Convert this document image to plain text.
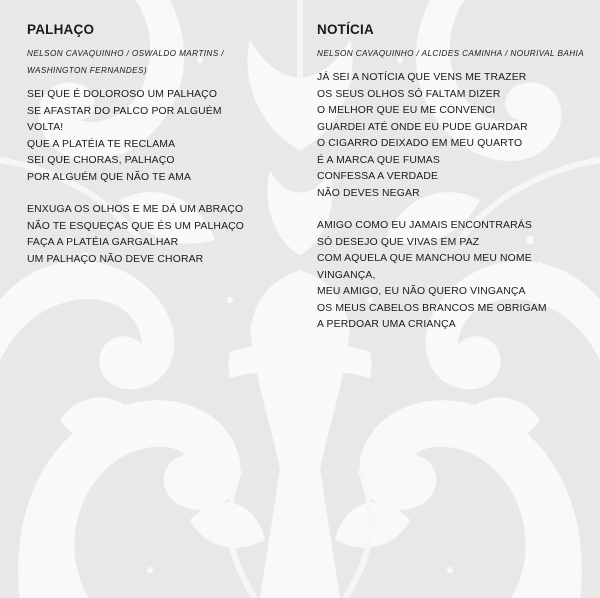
PALHAÇO
NELSON CAVAQUINHO / OSWALDO MARTINS /
WASHINGTON FERNANDES)
SEI QUE É DOLOROSO UM PALHAÇO
SE AFASTAR DO PALCO POR ALGUÉM
VOLTA!
QUE A PLATÉIA TE RECLAMA
SEI QUE CHORAS, PALHAÇO
POR ALGUÉM QUE NÃO TE AMA
ENXUGA OS OLHOS E ME DÁ UM ABRAÇO
NÃO TE ESQUEÇAS QUE ÉS UM PALHAÇO
FAÇA A PLATÉIA GARGALHAR
UM PALHAÇO NÃO DEVE CHORAR
NOTÍCIA
NELSON CAVAQUINHO / ALCIDES CAMINHA / NOURIVAL BAHIA
JÁ SEI A NOTÍCIA QUE VENS ME TRAZER
OS SEUS OLHOS SÓ FALTAM DIZER
O MELHOR QUE EU ME CONVENCI
GUARDEI ATÉ ONDE EU PUDE GUARDAR
O CIGARRO DEIXADO EM MEU QUARTO
É A MARCA QUE FUMAS
CONFESSA A VERDADE
NÃO DEVES NEGAR
AMIGO COMO EU JAMAIS ENCONTRARÁS
SÓ DESEJO QUE VIVAS EM PAZ
COM AQUELA QUE MANCHOU MEU NOME
VINGANÇA,
MEU AMIGO, EU NÃO QUERO VINGANÇA
OS MEUS CABELOS BRANCOS ME OBRIGAM
A PERDOAR UMA CRIANÇA
